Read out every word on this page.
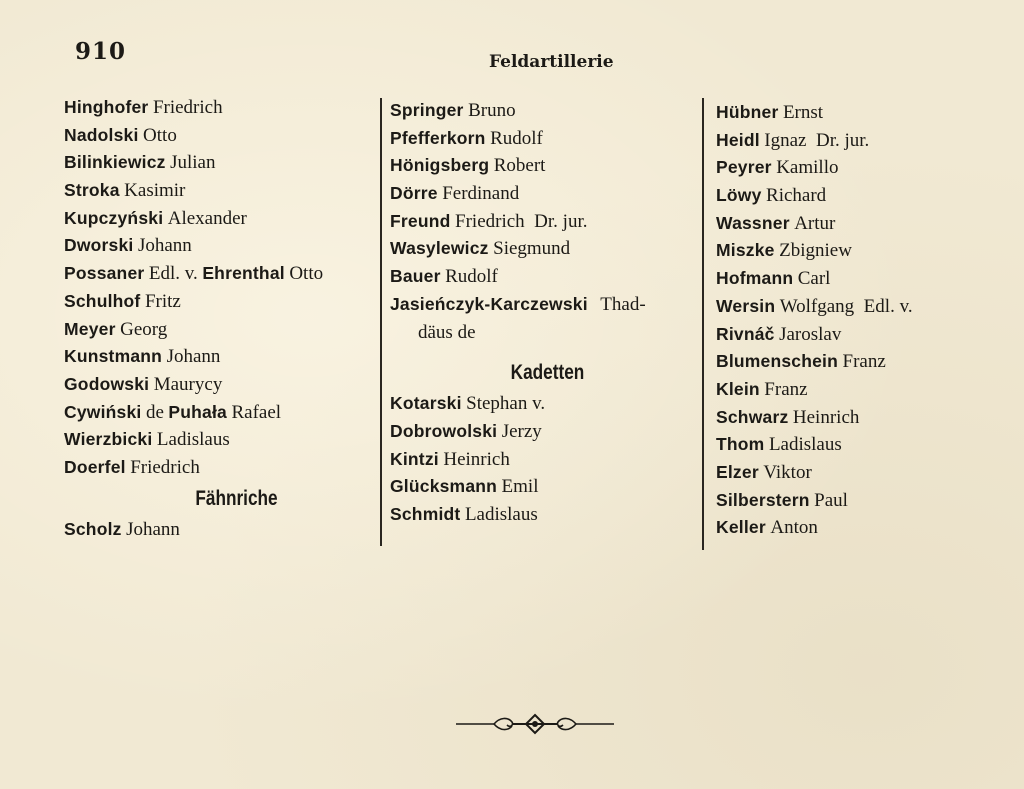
910	Feldartillerie
Hinghofer Friedrich
Nadolski Otto
Bilinkiewicz Julian
Stroka Kasimir
Kupczyński Alexander
Dworski Johann
Possaner Edl. v. Ehrenthal Otto
Schulhof Fritz
Meyer Georg
Kunstmann Johann
Godowski Maurycy
Cywiński de Puhała Rafael
Wierzbicki Ladislaus
Doerfel Friedrich
Fähnriche
Scholz Johann
Springer Bruno
Pfefferkorn Rudolf
Hönigsberg Robert
Dörre Ferdinand
Freund Friedrich  Dr. jur.
Wasylewicz Siegmund
Bauer Rudolf
Jasieńczyk-Karczewski Thad-
däus de
Kadetten
Kotarski Stephan v.
Dobrowolski Jerzy
Kintzi Heinrich
Glücksmann Emil
Schmidt Ladislaus
Hübner Ernst
Heidl Ignaz  Dr. jur.
Peyrer Kamillo
Löwy Richard
Wassner Artur
Miszke Zbigniew
Hofmann Carl
Wersin Wolfgang  Edl. v.
Rivnáč Jaroslav
Blumenschein Franz
Klein Franz
Schwarz Heinrich
Thom Ladislaus
Elzer Viktor
Silberstern Paul
Keller Anton
